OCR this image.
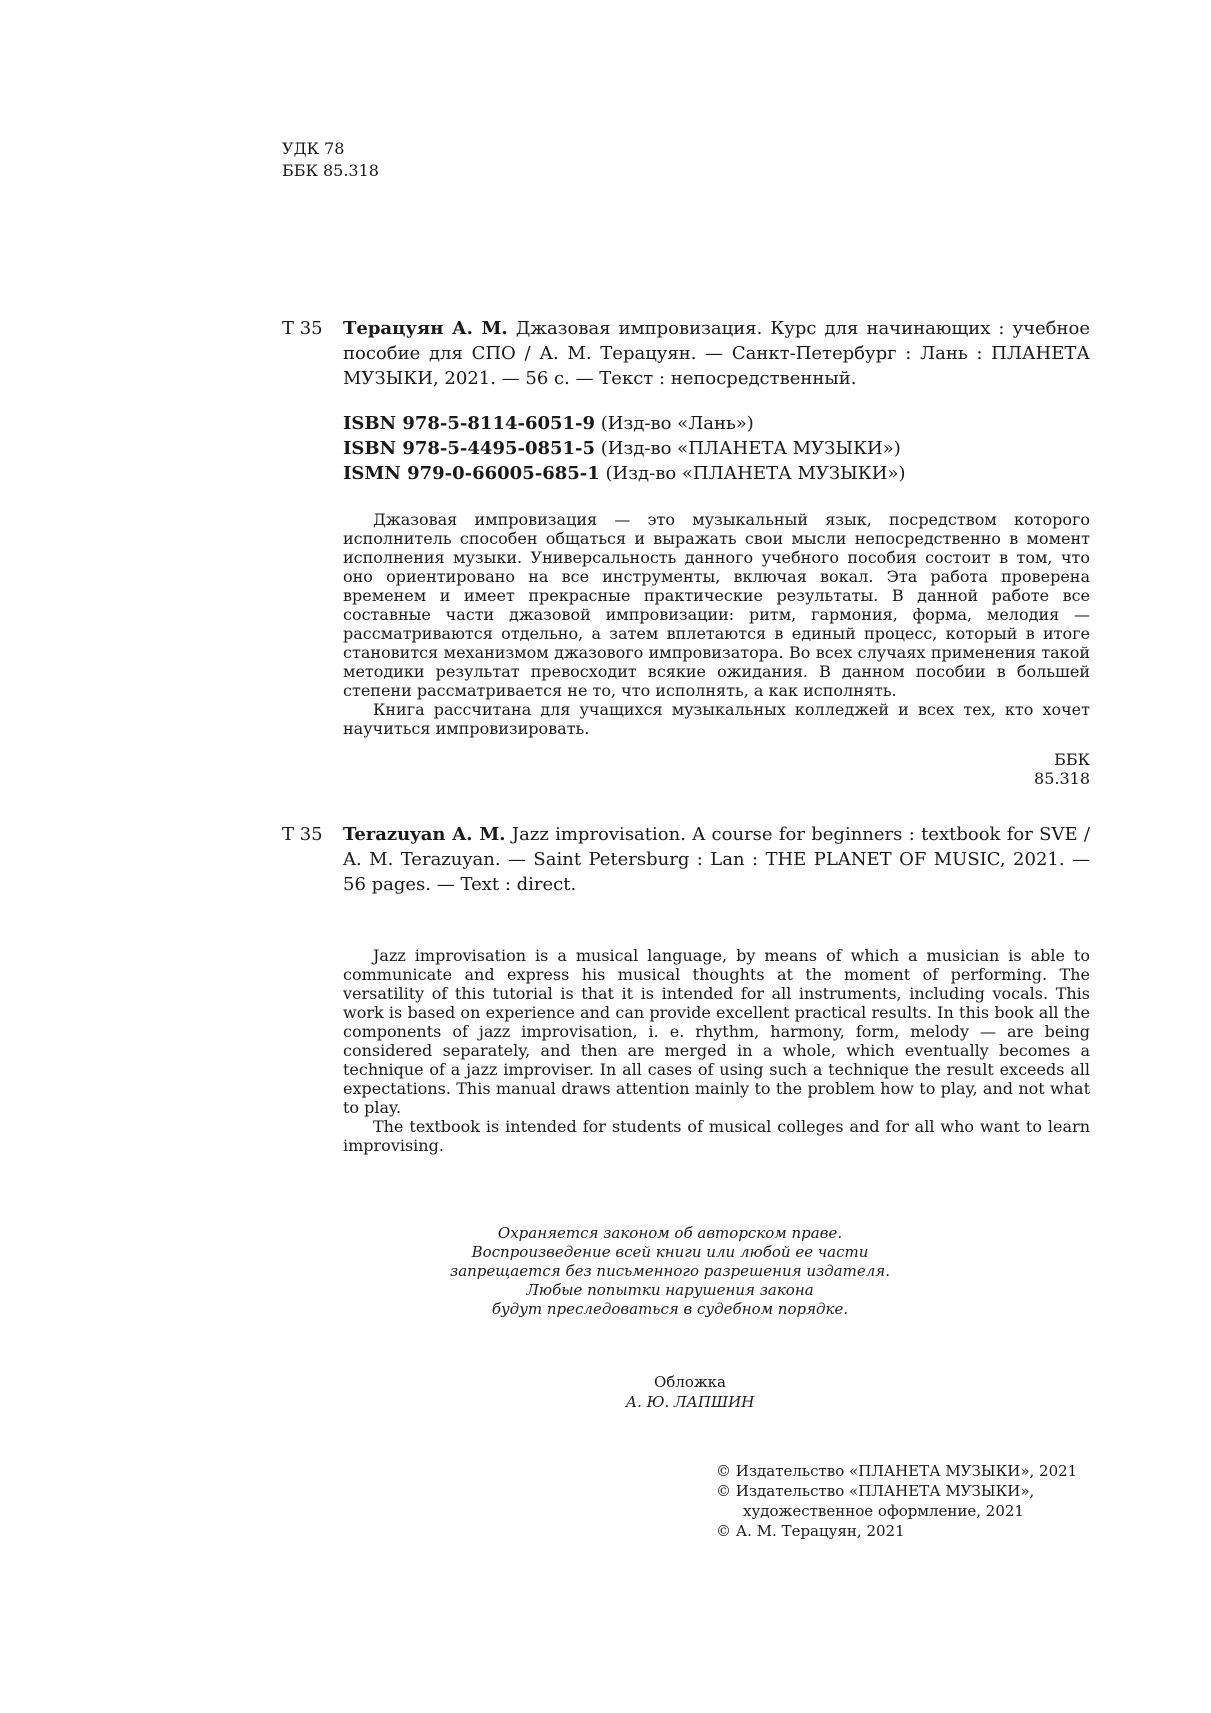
УДК 78
ББК 85.318
Т 35 Терацуян А. М. Джазовая импровизация. Курс для начинающих : учебное пособие для СПО / А. М. Терацуян. — Санкт-Петербург : Лань : ПЛАНЕТА МУЗЫКИ, 2021. — 56 с. — Текст : непосредственный.
ISBN 978-5-8114-6051-9 (Изд-во «Лань»)
ISBN 978-5-4495-0851-5 (Изд-во «ПЛАНЕТА МУЗЫКИ»)
ISMN 979-0-66005-685-1 (Изд-во «ПЛАНЕТА МУЗЫКИ»)

Джазовая импровизация — это музыкальный язык, посредством которого исполнитель способен общаться и выражать свои мысли непосредственно в момент исполнения музыки. Универсальность данного учебного пособия состоит в том, что оно ориентировано на все инструменты, включая вокал. Эта работа проверена временем и имеет прекрасные практические результаты. В данной работе все составные части джазовой импровизации: ритм, гармония, форма, мелодия — рассматриваются отдельно, а затем вплетаются в единый процесс, который в итоге становится механизмом джазового импровизатора. Во всех случаях применения такой методики результат превосходит всякие ожидания. В данном пособии в большей степени рассматривается не то, что исполнять, а как исполнять.

Книга рассчитана для учащихся музыкальных колледжей и всех тех, кто хочет научиться импровизировать.

ББК 85.318
Т 35 Terazuyan A. M. Jazz improvisation. A course for beginners : textbook for SVE / A. M. Terazuyan. — Saint Petersburg : Lan : THE PLANET OF MUSIC, 2021. — 56 pages. — Text : direct.

Jazz improvisation is a musical language, by means of which a musician is able to communicate and express his musical thoughts at the moment of performing. The versatility of this tutorial is that it is intended for all instruments, including vocals. This work is based on experience and can provide excellent practical results. In this book all the components of jazz improvisation, i. e. rhythm, harmony, form, melody — are being considered separately, and then are merged in a whole, which eventually becomes a technique of a jazz improviser. In all cases of using such a technique the result exceeds all expectations. This manual draws attention mainly to the problem how to play, and not what to play.

The textbook is intended for students of musical colleges and for all who want to learn improvising.

Охраняется законом об авторском праве.
Воспроизведение всей книги или любой ее части
запрещается без письменного разрешения издателя.
Любые попытки нарушения закона
будут преследоваться в судебном порядке.
Обложка
А. Ю. ЛАПШИН
© Издательство «ПЛАНЕТА МУЗЫКИ», 2021
© Издательство «ПЛАНЕТА МУЗЫКИ»,
художественное оформление, 2021
© А. М. Терацуян, 2021
